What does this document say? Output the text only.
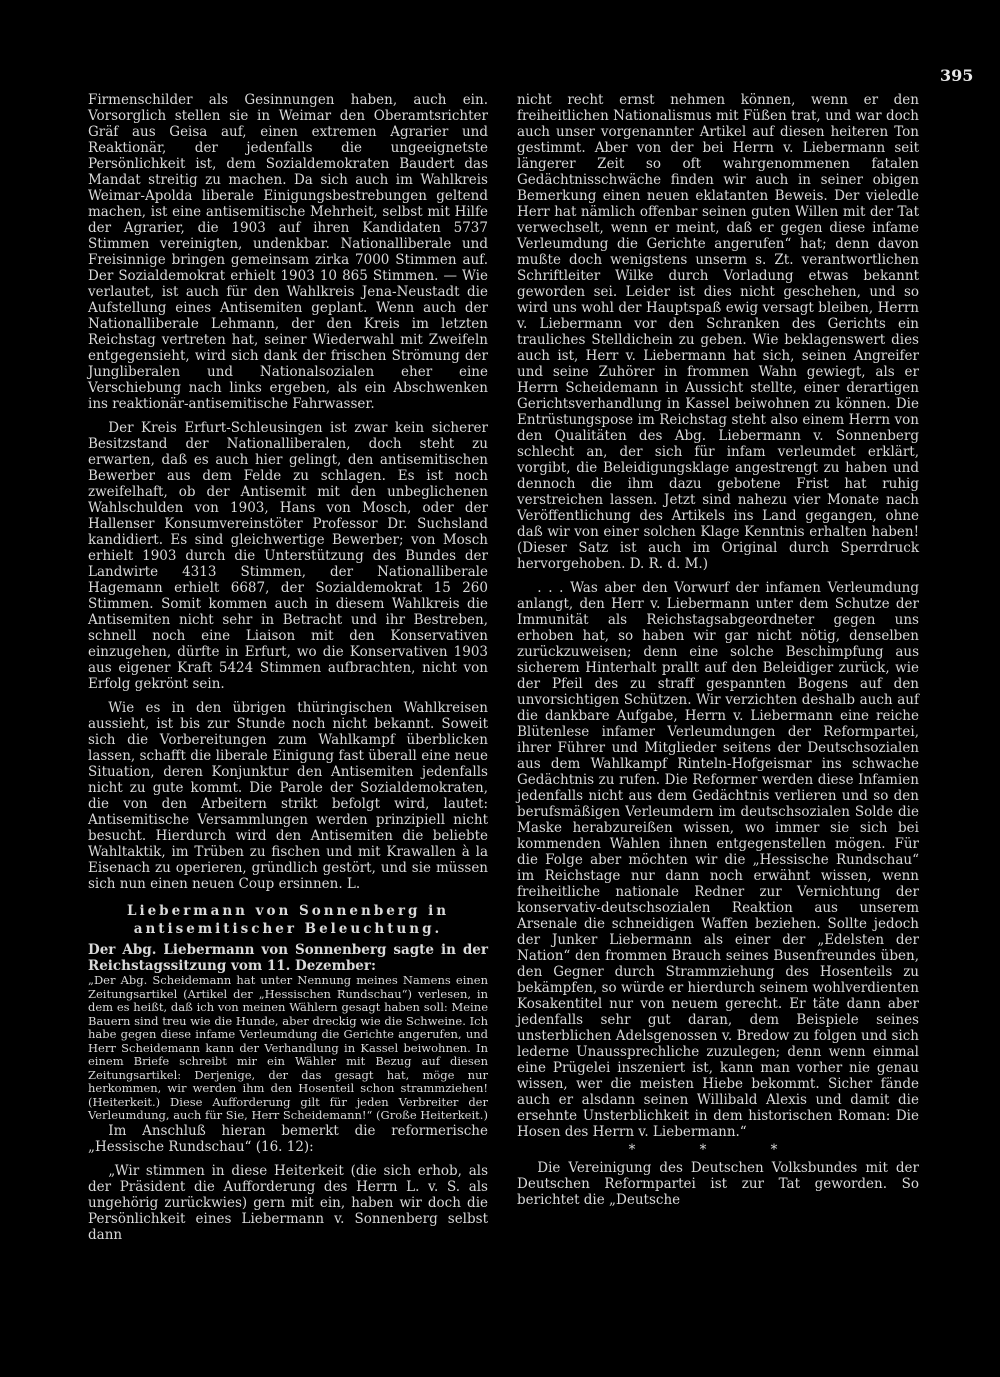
395

Firmenschilder als Gesinnungen haben, auch ein. Vorsorglich stellen sie in Weimar den Oberamtsrichter Gräf aus Geisa auf, einen extremen Agrarier und Reaktionär, der jedenfalls die ungeeignetste Persönlichkeit ist, dem Sozialdemokraten Baudert das Mandat streitig zu machen. Da sich auch im Wahlkreis Weimar-Apolda liberale Einigungsbestrebungen geltend machen, ist eine antisemitische Mehrheit, selbst mit Hilfe der Agrarier, die 1903 auf ihren Kandidaten 5737 Stimmen vereinigten, undenkbar. Nationalliberale und Freisinnige bringen gemeinsam zirka 7000 Stimmen auf. Der Sozialdemokrat erhielt 1903 10 865 Stimmen. — Wie verlautet, ist auch für den Wahlkreis Jena-Neustadt die Aufstellung eines Antisemiten geplant. Wenn auch der Nationalliberale Lehmann, der den Kreis im letzten Reichstag vertreten hat, seiner Wiederwahl mit Zweifeln entgegensieht, wird sich dank der frischen Strömung der Jungliberalen und Nationalsozialen eher eine Verschiebung nach links ergeben, als ein Abschwenken ins reaktionär-antisemitische Fahrwasser.

Der Kreis Erfurt-Schleusingen ist zwar kein sicherer Besitzstand der Nationalliberalen, doch steht zu erwarten, daß es auch hier gelingt, den antisemitischen Bewerber aus dem Felde zu schlagen. Es ist noch zweifelhaft, ob der Antisemit mit den unbeglichenen Wahlschulden von 1903, Hans von Mosch, oder der Hallenser Konsumvereinstöter Professor Dr. Suchsland kandidiert. Es sind gleichwertige Bewerber; von Mosch erhielt 1903 durch die Unterstützung des Bundes der Landwirte 4313 Stimmen, der Nationalliberale Hagemann erhielt 6687, der Sozialdemokrat 15 260 Stimmen. Somit kommen auch in diesem Wahlkreis die Antisemiten nicht sehr in Betracht und ihr Bestreben, schnell noch eine Liaison mit den Konservativen einzugehen, dürfte in Erfurt, wo die Konservativen 1903 aus eigener Kraft 5424 Stimmen aufbrachten, nicht von Erfolg gekrönt sein.

Wie es in den übrigen thüringischen Wahlkreisen aussieht, ist bis zur Stunde noch nicht bekannt. Soweit sich die Vorbereitungen zum Wahlkampf überblicken lassen, schafft die liberale Einigung fast überall eine neue Situation, deren Konjunktur den Antisemiten jedenfalls nicht zu gute kommt. Die Parole der Sozialdemokraten, die von den Arbeitern strikt befolgt wird, lautet: Antisemitische Versammlungen werden prinzipiell nicht besucht. Hierdurch wird den Antisemiten die beliebte Wahltaktik, im Trüben zu fischen und mit Krawallen à la Eisenach zu operieren, gründlich gestört, und sie müssen sich nun einen neuen Coup ersinnen. L.

Liebermann von Sonnenberg in antisemitischer Beleuchtung.

Der Abg. Liebermann von Sonnenberg sagte in der Reichstagssitzung vom 11. Dezember:

„Der Abg. Scheidemann hat unter Nennung meines Namens einen Zeitungsartikel (Artikel der „Hessischen Rundschau“) verlesen, in dem es heißt, daß ich von meinen Wählern gesagt haben soll: Meine Bauern sind treu wie die Hunde, aber dreckig wie die Schweine. Ich habe gegen diese infame Verleumdung die Gerichte angerufen, und Herr Scheidemann kann der Verhandlung in Kassel beiwohnen. In einem Briefe schreibt mir ein Wähler mit Bezug auf diesen Zeitungsartikel: Derjenige, der das gesagt hat, möge nur herkommen, wir werden ihm den Hosenteil schon strammziehen! (Heiterkeit.) Diese Aufforderung gilt für jeden Verbreiter der Verleumdung, auch für Sie, Herr Scheidemann!“ (Große Heiterkeit.)

Im Anschluß hieran bemerkt die reformerische „Hessische Rundschau“ (16. 12):

„Wir stimmen in diese Heiterkeit (die sich erhob, als der Präsident die Aufforderung des Herrn L. v. S. als ungehörig zurückwies) gern mit ein, haben wir doch die Persönlichkeit eines Liebermann v. Sonnenberg selbst dann

nicht recht ernst nehmen können, wenn er den freiheitlichen Nationalismus mit Füßen trat, und war doch auch unser vorgenannter Artikel auf diesen heiteren Ton gestimmt. Aber von der bei Herrn v. Liebermann seit längerer Zeit so oft wahrgenommenen fatalen Gedächtnisschwäche finden wir auch in seiner obigen Bemerkung einen neuen eklatanten Beweis. Der vieledle Herr hat nämlich offenbar seinen guten Willen mit der Tat verwechselt, wenn er meint, daß er gegen diese infame Verleumdung die Gerichte angerufen“ hat; denn davon mußte doch wenigstens unserm s. Zt. verantwortlichen Schriftleiter Wilke durch Vorladung etwas bekannt geworden sei. Leider ist dies nicht geschehen, und so wird uns wohl der Hauptspaß ewig versagt bleiben, Herrn v. Liebermann vor den Schranken des Gerichts ein trauliches Stelldichein zu geben. Wie beklagenswert dies auch ist, Herr v. Liebermann hat sich, seinen Angreifer und seine Zuhörer in frommen Wahn gewiegt, als er Herrn Scheidemann in Aussicht stellte, einer derartigen Gerichtsverhandlung in Kassel beiwohnen zu können. Die Entrüstungspose im Reichstag steht also einem Herrn von den Qualitäten des Abg. Liebermann v. Sonnenberg schlecht an, der sich für infam verleumdet erklärt, vorgibt, die Beleidigungsklage angestrengt zu haben und dennoch die ihm dazu gebotene Frist hat ruhig verstreichen lassen. Jetzt sind nahezu vier Monate nach Veröffentlichung des Artikels ins Land gegangen, ohne daß wir von einer solchen Klage Kenntnis erhalten haben! (Dieser Satz ist auch im Original durch Sperrdruck hervorgehoben. D. R. d. M.)

. . . Was aber den Vorwurf der infamen Verleumdung anlangt, den Herr v. Liebermann unter dem Schutze der Immunität als Reichstagsabgeordneter gegen uns erhoben hat, so haben wir gar nicht nötig, denselben zurückzuweisen; denn eine solche Beschimpfung aus sicherem Hinterhalt prallt auf den Beleidiger zurück, wie der Pfeil des zu straff gespannten Bogens auf den unvorsichtigen Schützen. Wir verzichten deshalb auch auf die dankbare Aufgabe, Herrn v. Liebermann eine reiche Blütenlese infamer Verleumdungen der Reformpartei, ihrer Führer und Mitglieder seitens der Deutschsozialen aus dem Wahlkampf Rinteln-Hofgeismar ins schwache Gedächtnis zu rufen. Die Reformer werden diese Infamien jedenfalls nicht aus dem Gedächtnis verlieren und so den berufsmäßigen Verleumdern im deutschsozialen Solde die Maske herabzureißen wissen, wo immer sie sich bei kommenden Wahlen ihnen entgegenstellen mögen. Für die Folge aber möchten wir die „Hessische Rundschau“ im Reichstage nur dann noch erwähnt wissen, wenn freiheitliche nationale Redner zur Vernichtung der konservativ-deutschsozialen Reaktion aus unserem Arsenale die schneidigen Waffen beziehen. Sollte jedoch der Junker Liebermann als einer der „Edelsten der Nation“ den frommen Brauch seines Busenfreundes üben, den Gegner durch Strammziehung des Hosenteils zu bekämpfen, so würde er hierdurch seinem wohlverdienten Kosakentitel nur von neuem gerecht. Er täte dann aber jedenfalls sehr gut daran, dem Beispiele seines unsterblichen Adelsgenossen v. Bredow zu folgen und sich lederne Unaussprechliche zuzulegen; denn wenn einmal eine Prügelei inszeniert ist, kann man vorher nie genau wissen, wer die meisten Hiebe bekommt. Sicher fände auch er alsdann seinen Willibald Alexis und damit die ersehnte Unsterblichkeit in dem historischen Roman: Die Hosen des Herrn v. Liebermann.“

* * *

Die Vereinigung des Deutschen Volksbundes mit der Deutschen Reformpartei ist zur Tat geworden. So berichtet die „Deutsche
